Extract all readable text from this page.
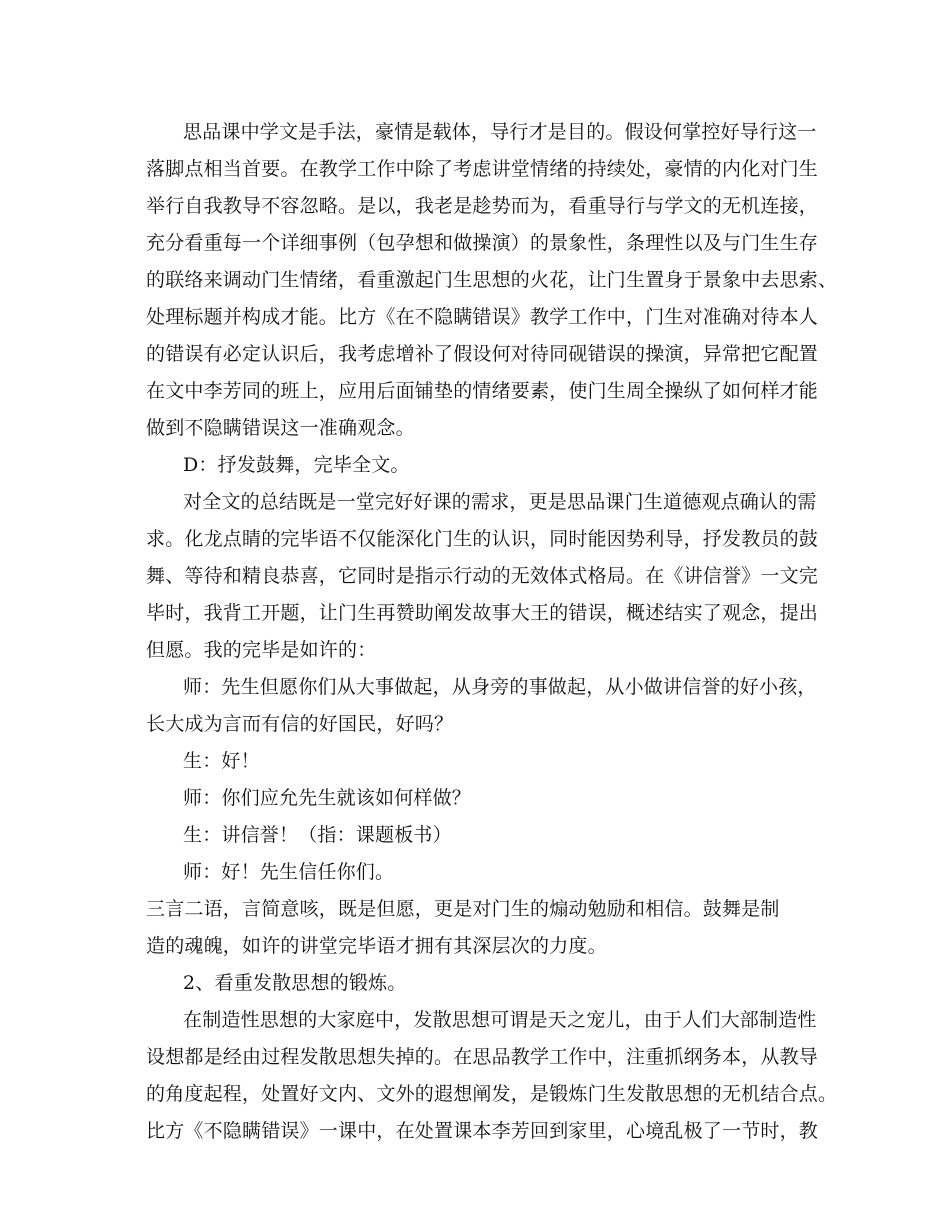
思品课中学文是手法，豪情是载体，导行才是目的。假设何掌控好导行这一
落脚点相当首要。在教学工作中除了考虑讲堂情绪的持续处，豪情的内化对门生
举行自我教导不容忽略。是以，我老是趁势而为，看重导行与学文的无机连接，
充分看重每一个详细事例（包孕想和做操演）的景象性，条理性以及与门生生存
的联络来调动门生情绪，看重激起门生思想的火花，让门生置身于景象中去思索、
处理标题并构成才能。比方《在不隐瞒错误》教学工作中，门生对准确对待本人
的错误有必定认识后，我考虑增补了假设何对待同砚错误的操演，异常把它配置
在文中李芳同的班上，应用后面铺垫的情绪要素，使门生周全操纵了如何样才能
做到不隐瞒错误这一准确观念。
D：抒发鼓舞，完毕全文。
对全文的总结既是一堂完好好课的需求，更是思品课门生道德观点确认的需
求。化龙点睛的完毕语不仅能深化门生的认识，同时能因势利导，抒发教员的鼓
舞、等待和精良恭喜，它同时是指示行动的无效体式格局。在《讲信誉》一文完
毕时，我背工开题，让门生再赞助阐发故事大王的错误，概述结实了观念，提出
但愿。我的完毕是如许的：
师：先生但愿你们从大事做起，从身旁的事做起，从小做讲信誉的好小孩，
长大成为言而有信的好国民，好吗？
生：好！
师：你们应允先生就该如何样做？
生：讲信誉！（指：课题板书）
师：好！先生信任你们。
三言二语，言简意咳，既是但愿，更是对门生的煽动勉励和相信。鼓舞是制
造的魂魄，如许的讲堂完毕语才拥有其深层次的力度。
2、看重发散思想的锻炼。
在制造性思想的大家庭中，发散思想可谓是天之宠儿，由于人们大部制造性
设想都是经由过程发散思想失掉的。在思品教学工作中，注重抓纲务本，从教导
的角度起程，处置好文内、文外的遐想阐发，是锻炼门生发散思想的无机结合点。
比方《不隐瞒错误》一课中，在处置课本李芳回到家里，心境乱极了一节时，教
